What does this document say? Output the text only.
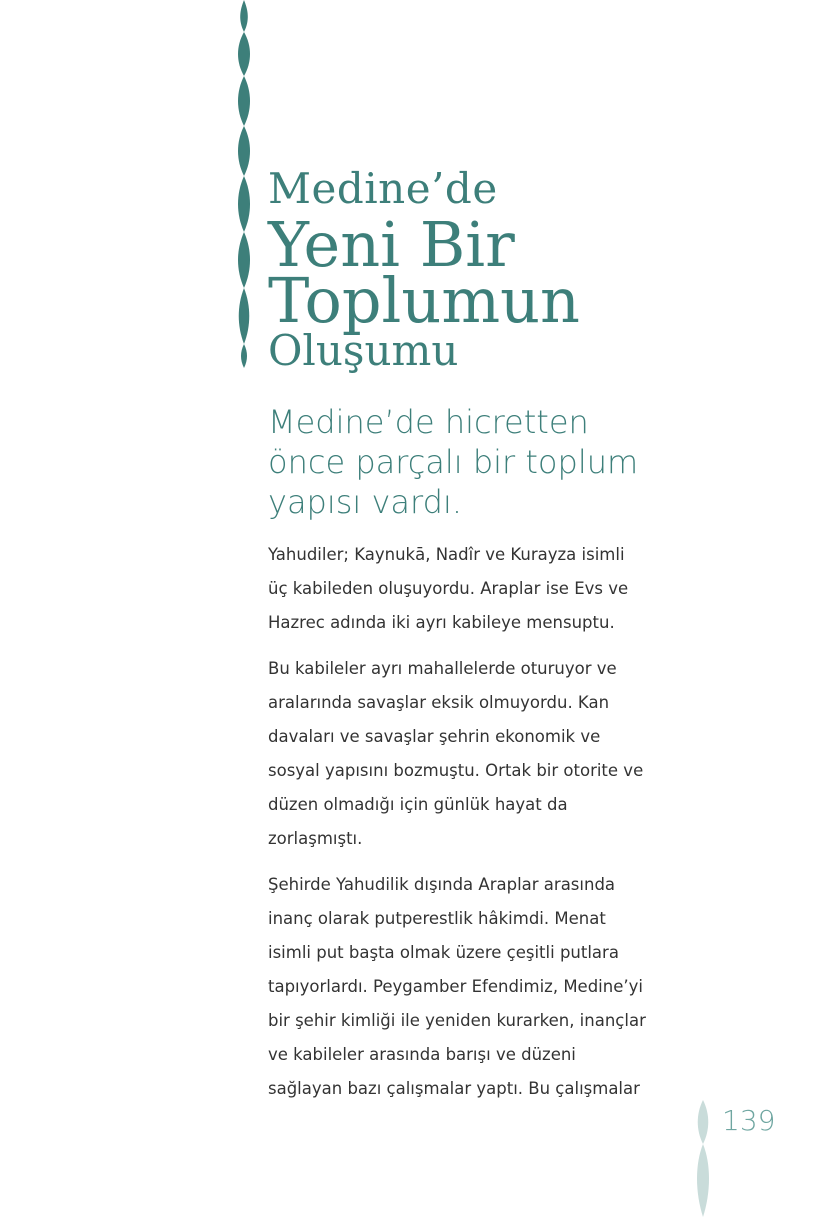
Medine’de
Yeni Bir
Toplumun
Oluşumu
Medine’de hicretten önce parçalı bir toplum yapısı vardı.

Yahudiler; Kaynukā, Nadîr ve Kurayza isimli üç kabileden oluşuyordu. Araplar ise Evs ve Hazrec adında iki ayrı kabileye mensuptu.

Bu kabileler ayrı mahallelerde oturuyor ve aralarında savaşlar eksik olmuyordu. Kan davaları ve savaşlar şehrin ekonomik ve sosyal yapısını bozmuştu. Ortak bir otorite ve düzen olmadığı için günlük hayat da zorlaşmıştı.

Şehirde Yahudilik dışında Araplar arasında inanç olarak putperestlik hâkimdi. Menat isimli put başta olmak üzere çeşitli putlara tapıyorlardı. Peygamber Efendimiz, Medine’yi bir şehir kimliği ile yeniden kurarken, inançlar ve kabileler arasında barışı ve düzeni sağlayan bazı çalışmalar yaptı. Bu çalışmalar

139
